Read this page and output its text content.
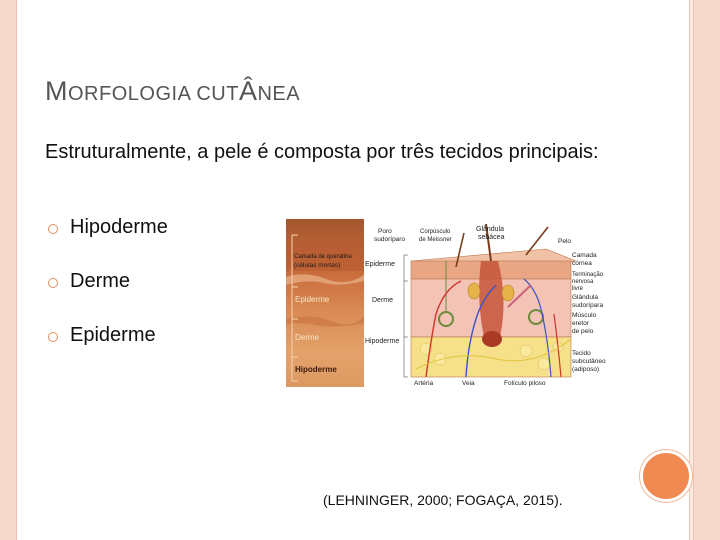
MORFOLOGIA CUTÂNEA
Estruturalmente, a pele é composta por três tecidos principais:
Hipoderme
Derme
Epiderme
Camada de queratina
(células mortas)
Epiderme
Derme
Hipoderme
Epiderme
Derme
Hipoderme
Poro
sudoríparo
Corpúsculo
de Meissner
Glândula
sebácea
Pelo
Camada
córnea
Terminação
nervosa
livre
Glândula
sudorípara
Músculo
eretor
de pelo
Tecido
subcutâneo
(adiposo)
Artéria	Veia	Folículo piloso
(LEHNINGER, 2000; FOGAÇA, 2015).
